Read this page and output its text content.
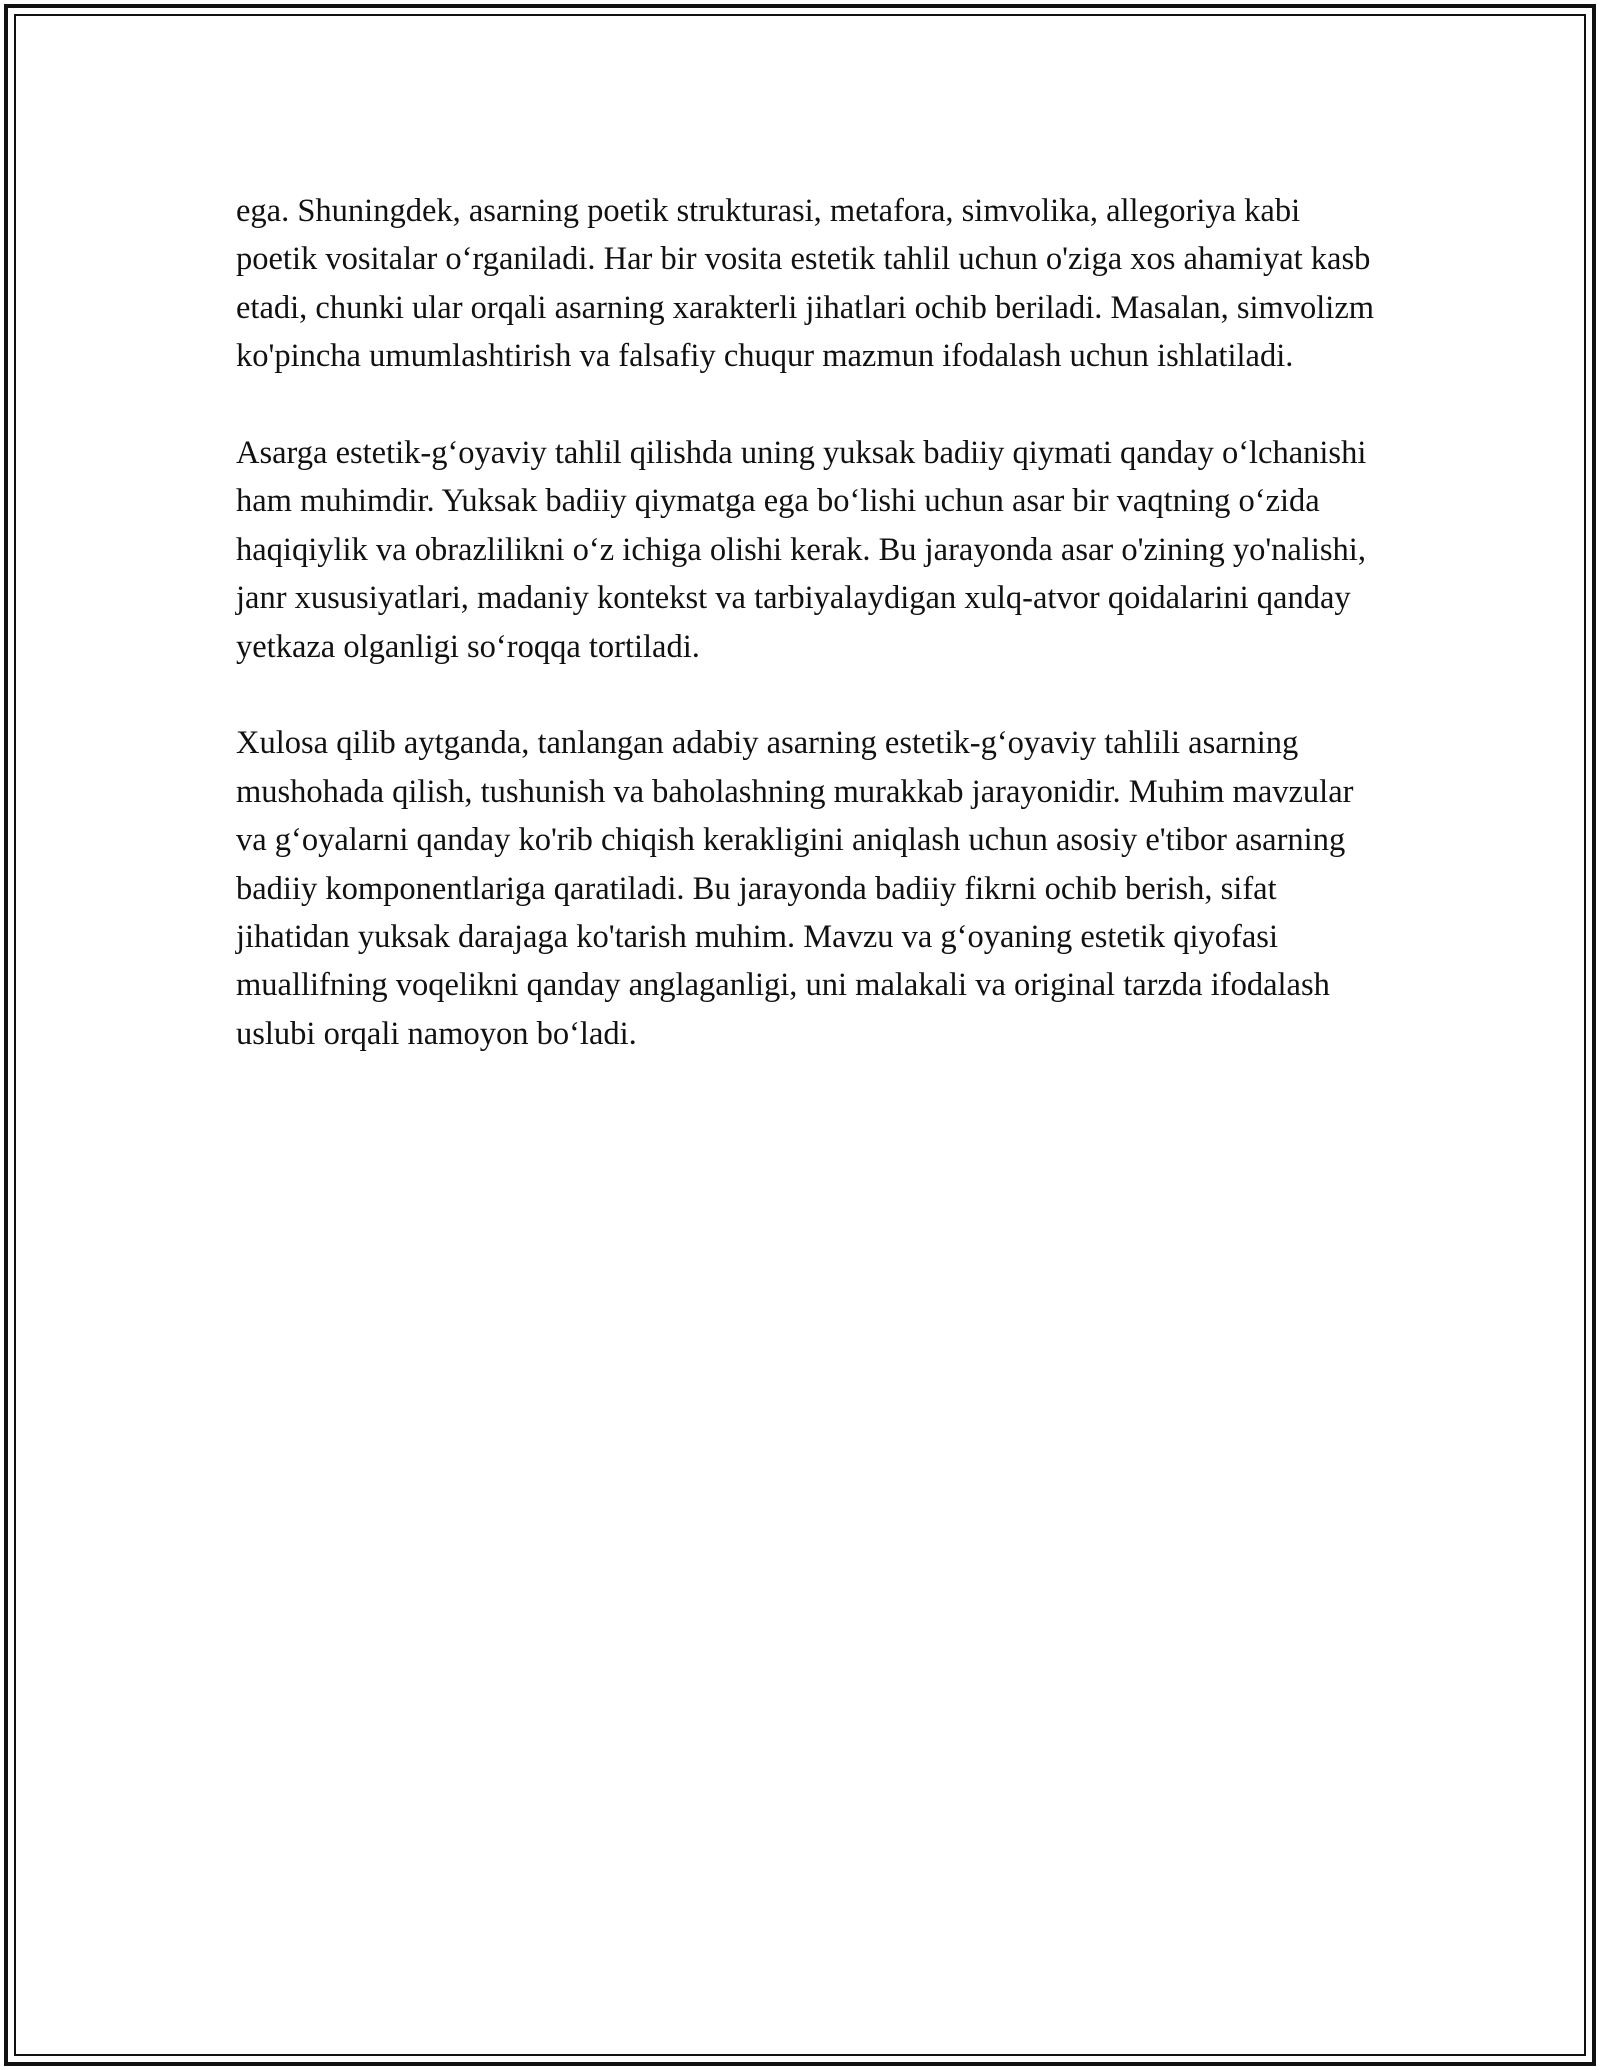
ega. Shuningdek, asarning poetik strukturasi, metafora, simvolika, allegoriya kabi poetik vositalar o‘rganiladi. Har bir vosita estetik tahlil uchun o'ziga xos ahamiyat kasb etadi, chunki ular orqali asarning xarakterli jihatlari ochib beriladi. Masalan, simvolizm ko'pincha umumlashtirish va falsafiy chuqur mazmun ifodalash uchun ishlatiladi.

Asarga estetik-g‘oyaviy tahlil qilishda uning yuksak badiiy qiymati qanday o‘lchanishi ham muhimdir. Yuksak badiiy qiymatga ega bo‘lishi uchun asar bir vaqtning o‘zida haqiqiylik va obrazlilikni o‘z ichiga olishi kerak. Bu jarayonda asar o'zining yo'nalishi, janr xususiyatlari, madaniy kontekst va tarbiyalaydigan xulq-atvor qoidalarini qanday yetkaza olganligi so‘roqqa tortiladi.

Xulosa qilib aytganda, tanlangan adabiy asarning estetik-g‘oyaviy tahlili asarning mushohada qilish, tushunish va baholashning murakkab jarayonidir. Muhim mavzular va g‘oyalarni qanday ko'rib chiqish kerakligini aniqlash uchun asosiy e'tibor asarning badiiy komponentlariga qaratiladi. Bu jarayonda badiiy fikrni ochib berish, sifat jihatidan yuksak darajaga ko'tarish muhim. Mavzu va g‘oyaning estetik qiyofasi muallifning voqelikni qanday anglaganligi, uni malakali va original tarzda ifodalash uslubi orqali namoyon bo‘ladi.
